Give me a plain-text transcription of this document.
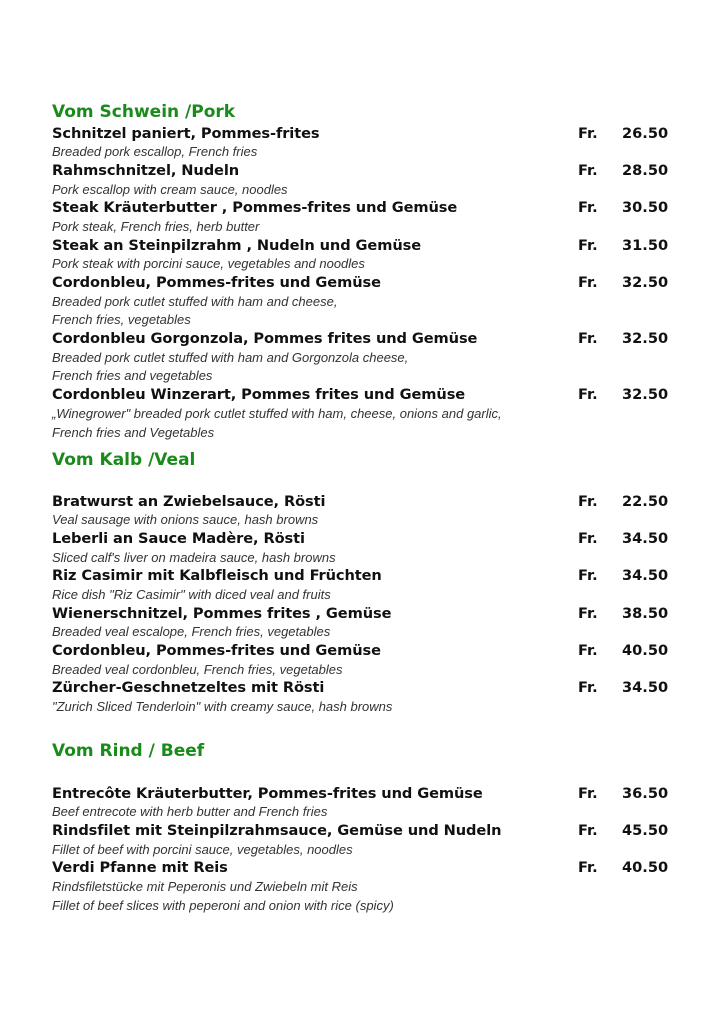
Vom Schwein /Pork
Schnitzel paniert, Pommes-frites
Breaded pork escallop, French fries
Fr. 26.50
Rahmschnitzel, Nudeln
Pork escallop with cream sauce, noodles
Fr. 28.50
Steak Kräuterbutter , Pommes-frites und Gemüse
Pork steak, French fries, herb butter
Fr. 30.50
Steak an Steinpilzrahm , Nudeln und Gemüse
Pork steak with porcini sauce, vegetables and noodles
Fr. 31.50
Cordonbleu, Pommes-frites und Gemüse
Breaded pork cutlet stuffed with ham and cheese,
French fries, vegetables
Fr. 32.50
Cordonbleu Gorgonzola, Pommes frites und Gemüse
Breaded pork cutlet stuffed with ham and Gorgonzola cheese,
French fries and vegetables
Fr. 32.50
Cordonbleu Winzerart, Pommes frites und Gemüse
„Winegrower" breaded pork cutlet stuffed with ham, cheese, onions and garlic,
French fries and Vegetables
Fr. 32.50
Vom Kalb /Veal
Bratwurst an Zwiebelsauce, Rösti
Veal sausage with onions sauce, hash browns
Fr. 22.50
Leberli an Sauce Madère, Rösti
Sliced calf's liver on madeira sauce, hash browns
Fr. 34.50
Riz Casimir mit Kalbfleisch und Früchten
Rice dish "Riz Casimir" with diced veal and fruits
Fr. 34.50
Wienerschnitzel, Pommes frites , Gemüse
Breaded veal escalope, French fries, vegetables
Fr. 38.50
Cordonbleu, Pommes-frites und Gemüse
Breaded veal cordonbleu, French fries, vegetables
Fr. 40.50
Zürcher-Geschnetzeltes mit Rösti
"Zurich Sliced Tenderloin" with creamy sauce, hash browns
Fr. 34.50
Vom Rind / Beef
Entrecôte Kräuterbutter, Pommes-frites und Gemüse
Beef entrecote with herb butter and French fries
Fr. 36.50
Rindsfilet mit Steinpilzrahmsauce, Gemüse und Nudeln
Fillet of beef with porcini sauce, vegetables, noodles
Fr. 45.50
Verdi Pfanne mit Reis
Rindsfiletstücke mit Peperonis und Zwiebeln mit Reis
Fillet of beef slices with peperoni and onion with rice (spicy)
Fr. 40.50
